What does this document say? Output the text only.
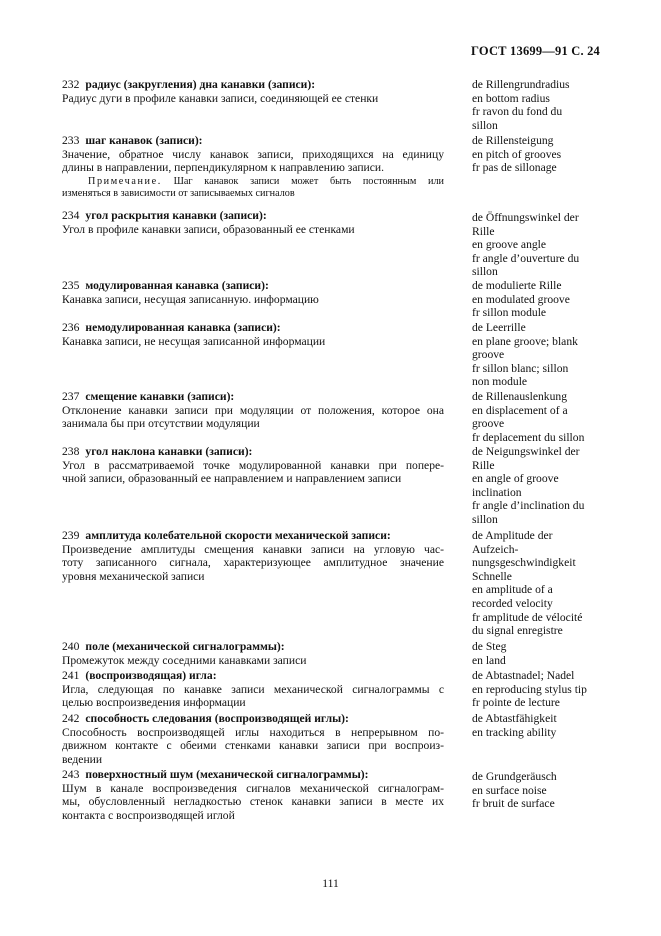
ГОСТ 13699—91 С. 24
232 радиус (закругления) дна канавки (записи):
Радиус дуги в профиле канавки записи, соединяющей ее стенки
de Rillengrundradius
en bottom radius
fr ravon du fond du
sillon
233 шаг канавок (записи):
Значение, обратное числу канавок записи, приходящихся на единицу
длины в направлении, перпендикулярном к направлению записи.
Примечание. Шаг канавок записи может быть постоянным или
изменяться в зависимости от записываемых сигналов
de Rillensteigung
en pitch of grooves
fr pas de sillonage
234 угол раскрытия канавки (записи):
Угол в профиле канавки записи, образованный ее стенками
de Öffnungswinkel der
Rille
en groove angle
fr angle d’ouverture du
sillon
235 модулированная канавка (записи):
Канавка записи, несущая записанную. информацию
de modulierte Rille
en modulated groove
fr sillon module
236 немодулированная канавка (записи):
Канавка записи, не несущая записанной информации
de Leerrille
en plane groove; blank
groove
fr sillon blanc; sillon
non module
237 смещение канавки (записи):
Отклонение канавки записи при модуляции от положения, которое она
занимала бы при отсутствии модуляции
de Rillenauslenkung
en displacement of a
groove
fr deplacement du sillon
238 угол наклона канавки (записи):
Угол в рассматриваемой точке модулированной канавки при попере-
чной записи, образованный ее направлением и направлением записи
de Neigungswinkel der
Rille
en angle of groove
inclination
fr angle d’inclination du
sillon
239 амплитуда колебательной скорости механической записи:
Произведение амплитуды смещения канавки записи на угловую час-
тоту записанного сигнала, характеризующее амплитудное значение
уровня механической записи
de Amplitude der
Aufzeich-
nungsgeschwindigkeit
Schnelle
en amplitude of a
recorded velocity
fr amplitude de vélocité
du signal enregistre
240 поле (механической сигналограммы):
Промежуток между соседними канавками записи
de Steg
en land
241 (воспроизводящая) игла:
Игла, следующая по канавке записи механической сигналограммы с
целью воспроизведения информации
de Abtastnadel; Nadel
en reproducing stylus tip
fr pointe de lecture
242 способность следования (воспроизводящей иглы):
Способность воспроизводящей иглы находиться в непрерывном по-
движном контакте с обеими стенками канавки записи при воспроиз-
ведении
de Abtastfähigkeit
en tracking ability
243 поверхностный шум (механической сигналограммы):
Шум в канале воспроизведения сигналов механической сигналограм-
мы, обусловленный негладкостью стенок канавки записи в месте их
контакта с воспроизводящей иглой
de Grundgeräusch
en surface noise
fr bruit de surface
111
